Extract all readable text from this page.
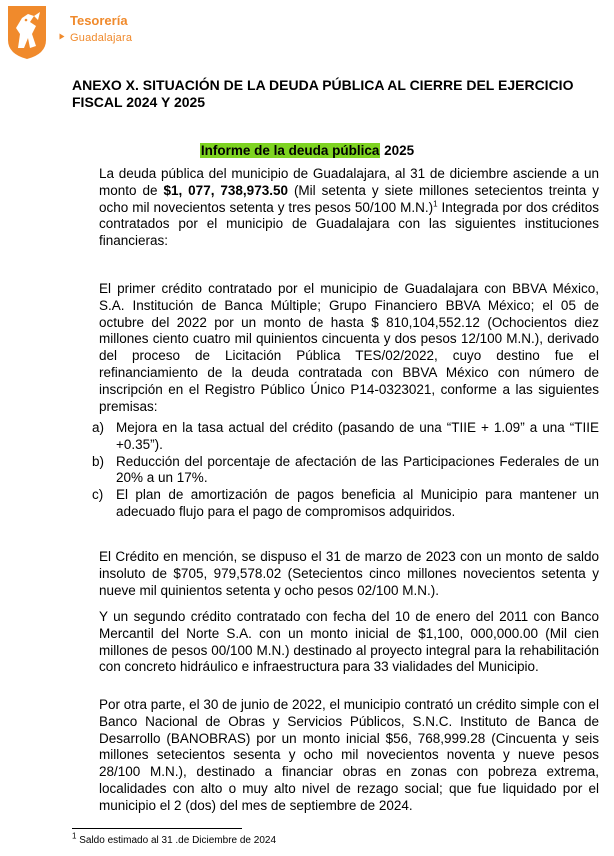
Tesorería
Guadalajara
ANEXO X. SITUACIÓN DE LA DEUDA PÚBLICA AL CIERRE DEL EJERCICIO FISCAL 2024 Y 2025
Informe de la deuda pública 2025
La deuda pública del municipio de Guadalajara, al 31 de diciembre asciende a un monto de $1, 077, 738,973.50 (Mil setenta y siete millones setecientos treinta y ocho mil novecientos setenta y tres pesos 50/100 M.N.)$^1$ Integrada por dos créditos contratados por el municipio de Guadalajara con las siguientes instituciones financieras:
El primer crédito contratado por el municipio de Guadalajara con BBVA México, S.A. Institución de Banca Múltiple; Grupo Financiero BBVA México; el 05 de octubre del 2022 por un monto de hasta $ 810,104,552.12 (Ochocientos diez millones ciento cuatro mil quinientos cincuenta y dos pesos 12/100 M.N.), derivado del proceso de Licitación Pública TES/02/2022, cuyo destino fue el refinanciamiento de la deuda contratada con BBVA México con número de inscripción en el Registro Público Único P14-0323021, conforme a las siguientes premisas:
a) Mejora en la tasa actual del crédito (pasando de una “TIIE + 1.09” a una “TIIE +0.35”).
b) Reducción del porcentaje de afectación de las Participaciones Federales de un 20% a un 17%.
c) El plan de amortización de pagos beneficia al Municipio para mantener un adecuado flujo para el pago de compromisos adquiridos.
El Crédito en mención, se dispuso el 31 de marzo de 2023 con un monto de saldo insoluto de $705, 979,578.02 (Setecientos cinco millones novecientos setenta y nueve mil quinientos setenta y ocho pesos 02/100 M.N.).
Y un segundo crédito contratado con fecha del 10 de enero del 2011 con Banco Mercantil del Norte S.A. con un monto inicial de $1,100, 000,000.00 (Mil cien millones de pesos 00/100 M.N.) destinado al proyecto integral para la rehabilitación con concreto hidráulico e infraestructura para 33 vialidades del Municipio.
Por otra parte, el 30 de junio de 2022, el municipio contrató un crédito simple con el Banco Nacional de Obras y Servicios Públicos, S.N.C. Instituto de Banca de Desarrollo (BANOBRAS) por un monto inicial $56, 768,999.28 (Cincuenta y seis millones setecientos sesenta y ocho mil novecientos noventa y nueve pesos 28/100 M.N.), destinado a financiar obras en zonas con pobreza extrema, localidades con alto o muy alto nivel de rezago social; que fue liquidado por el municipio el 2 (dos) del mes de septiembre de 2024.
$^1$ Saldo estimado al 31 .de Diciembre de 2024
